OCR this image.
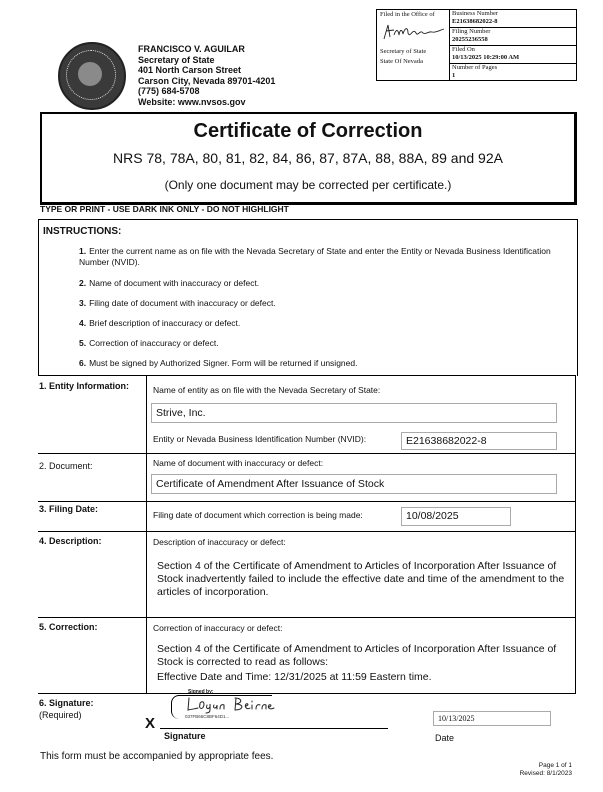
FRANCISCO V. AGUILAR
Secretary of State
401 North Carson Street
Carson City, Nevada 89701-4201
(775) 684-5708
Website: www.nvsos.gov
Filed in the Office of
Secretary of State
State Of Nevada
Business Number
E21638682022-8
Filing Number
20255236558
Filed On
10/13/2025 10:29:00 AM
Number of Pages
1
Certificate of Correction
NRS 78, 78A, 80, 81, 82, 84, 86, 87, 87A, 88, 88A, 89 and 92A
(Only one document may be corrected per certificate.)
TYPE OR PRINT - USE DARK INK ONLY - DO NOT HIGHLIGHT
INSTRUCTIONS:
1. Enter the current name as on file with the Nevada Secretary of State and enter the Entity or Nevada Business Identification Number (NVID).
2. Name of document with inaccuracy or defect.
3. Filing date of document with inaccuracy or defect.
4. Brief description of inaccuracy or defect.
5. Correction of inaccuracy or defect.
6. Must be signed by Authorized Signer. Form will be returned if unsigned.
1. Entity Information:	Name of entity as on file with the Nevada Secretary of State:
Strive, Inc.
Entity or Nevada Business Identification Number (NVID):	E21638682022-8
2. Document:	Name of document with inaccuracy or defect:
Certificate of Amendment After Issuance of Stock
3. Filing Date:
Filing date of document which correction is being made:	10/08/2025
4. Description:	Description of inaccuracy or defect:
Section 4 of the Certificate of Amendment to Articles of Incorporation After Issuance of Stock inadvertently failed to include the effective date and time of the amendment to the articles of incorporation.
5. Correction:	Correction of inaccuracy or defect:
Section 4 of the Certificate of Amendment to Articles of Incorporation After Issuance of Stock is corrected to read as follows:
Effective Date and Time: 12/31/2025 at 11:59 Eastern time.
6. Signature:
(Required)	X
Signed by:
037FB66C8BF64D1...
Signature
10/13/2025
Date
This form must be accompanied by appropriate fees.
Page 1 of 1
Revised: 8/1/2023
